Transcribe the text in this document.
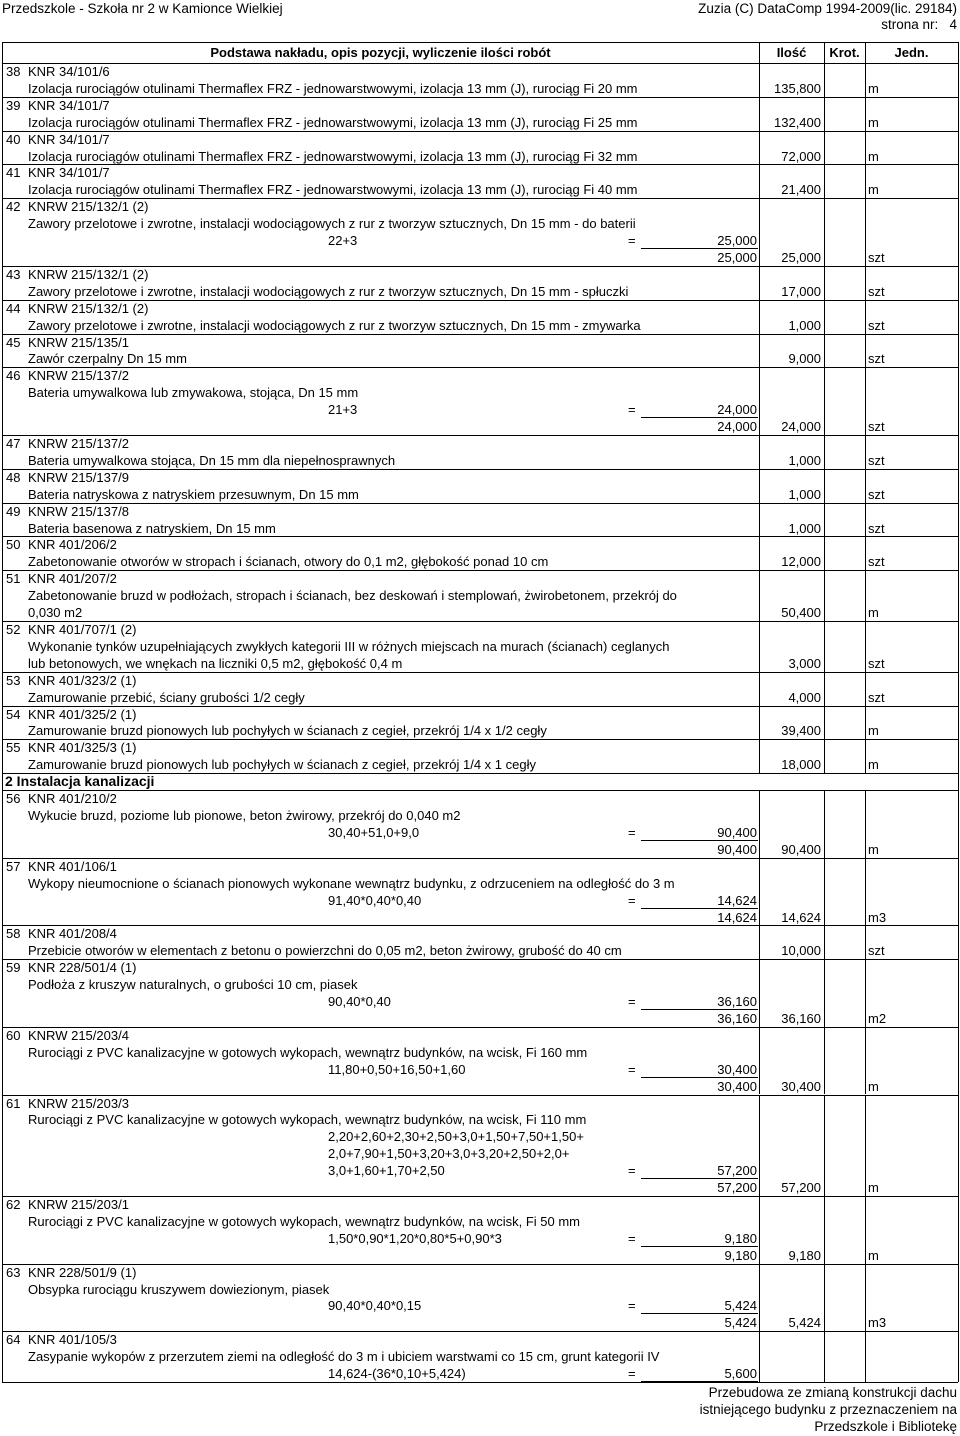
Przedszkole - Szkoła nr 2 w Kamionce Wielkiej	Zuzia (C) DataComp 1994-2009(lic. 29184)
strona nr:   4
Podstawa nakładu, opis pozycji, wyliczenie ilości robót	Ilość	Krot.	Jedn.
38 KNR 34/101/6
Izolacja rurociągów otulinami Thermaflex FRZ - jednowarstwowymi, izolacja 13 mm (J), rurociąg Fi 20 mm	135,800	m
39 KNR 34/101/7
Izolacja rurociągów otulinami Thermaflex FRZ - jednowarstwowymi, izolacja 13 mm (J), rurociąg Fi 25 mm	132,400	m
40 KNR 34/101/7
Izolacja rurociągów otulinami Thermaflex FRZ - jednowarstwowymi, izolacja 13 mm (J), rurociąg Fi 32 mm	72,000	m
41 KNR 34/101/7
Izolacja rurociągów otulinami Thermaflex FRZ - jednowarstwowymi, izolacja 13 mm (J), rurociąg Fi 40 mm	21,400	m
42 KNRW 215/132/1 (2)
Zawory przelotowe i zwrotne, instalacji wodociągowych z rur z tworzyw sztucznych, Dn 15 mm - do baterii
22+3	=	25,000
25,000	25,000	szt
43 KNRW 215/132/1 (2)
Zawory przelotowe i zwrotne, instalacji wodociągowych z rur z tworzyw sztucznych, Dn 15 mm - spłuczki	17,000	szt
44 KNRW 215/132/1 (2)
Zawory przelotowe i zwrotne, instalacji wodociągowych z rur z tworzyw sztucznych, Dn 15 mm - zmywarka	1,000	szt
45 KNRW 215/135/1
Zawór czerpalny Dn 15 mm	9,000	szt
46 KNRW 215/137/2
Bateria umywalkowa lub zmywakowa, stojąca, Dn 15 mm
21+3	=	24,000
24,000	24,000	szt
47 KNRW 215/137/2
Bateria umywalkowa stojąca, Dn 15 mm dla niepełnosprawnych	1,000	szt
48 KNRW 215/137/9
Bateria natryskowa z natryskiem przesuwnym, Dn 15 mm	1,000	szt
49 KNRW 215/137/8
Bateria basenowa z natryskiem, Dn 15 mm	1,000	szt
50 KNR 401/206/2
Zabetonowanie otworów w stropach i ścianach, otwory do 0,1 m2, głębokość ponad 10 cm	12,000	szt
51 KNR 401/207/2
Zabetonowanie bruzd w podłożach, stropach i ścianach, bez deskowań i stemplowań, żwirobetonem, przekrój do
0,030 m2	50,400	m
52 KNR 401/707/1 (2)
Wykonanie tynków uzupełniających zwykłych kategorii III w różnych miejscach na murach (ścianach) ceglanych
lub betonowych, we wnękach na liczniki 0,5 m2, głębokość 0,4 m	3,000	szt
53 KNR 401/323/2 (1)
Zamurowanie przebić, ściany grubości 1/2 cegły	4,000	szt
54 KNR 401/325/2 (1)
Zamurowanie bruzd pionowych lub pochyłych w ścianach z cegieł, przekrój 1/4 x 1/2 cegły	39,400	m
55 KNR 401/325/3 (1)
Zamurowanie bruzd pionowych lub pochyłych w ścianach z cegieł, przekrój 1/4 x 1 cegły	18,000	m
2 Instalacja kanalizacji
56 KNR 401/210/2
Wykucie bruzd, poziome lub pionowe, beton żwirowy, przekrój do 0,040 m2
30,40+51,0+9,0	=	90,400
90,400	90,400	m
57 KNR 401/106/1
Wykopy nieumocnione o ścianach pionowych wykonane wewnątrz budynku, z odrzuceniem na odległość do 3 m
91,40*0,40*0,40	=	14,624
14,624	14,624	m3
58 KNR 401/208/4
Przebicie otworów w elementach z betonu o powierzchni do 0,05 m2, beton żwirowy, grubość do 40 cm	10,000	szt
59 KNR 228/501/4 (1)
Podłoża z kruszyw naturalnych, o grubości 10 cm, piasek
90,40*0,40	=	36,160
36,160	36,160	m2
60 KNRW 215/203/4
Rurociągi z PVC kanalizacyjne w gotowych wykopach, wewnątrz budynków, na wcisk, Fi 160 mm
11,80+0,50+16,50+1,60	=	30,400
30,400	30,400	m
61 KNRW 215/203/3
Rurociągi z PVC kanalizacyjne w gotowych wykopach, wewnątrz budynków, na wcisk, Fi 110 mm
2,20+2,60+2,30+2,50+3,0+1,50+7,50+1,50+
2,0+7,90+1,50+3,20+3,0+3,20+2,50+2,0+
3,0+1,60+1,70+2,50	=	57,200
57,200	57,200	m
62 KNRW 215/203/1
Rurociągi z PVC kanalizacyjne w gotowych wykopach, wewnątrz budynków, na wcisk, Fi 50 mm
1,50*0,90*1,20*0,80*5+0,90*3	=	9,180
9,180	9,180	m
63 KNR 228/501/9 (1)
Obsypka rurociągu kruszywem dowiezionym, piasek
90,40*0,40*0,15	=	5,424
5,424	5,424	m3
64 KNR 401/105/3
Zasypanie wykopów z przerzutem ziemi na odległość do 3 m i ubiciem warstwami co 15 cm, grunt kategorii IV
14,624-(36*0,10+5,424)	=	5,600
Przebudowa ze zmianą konstrukcji dachu
istniejącego budynku z przeznaczeniem na
Przedszkole i Bibliotekę
